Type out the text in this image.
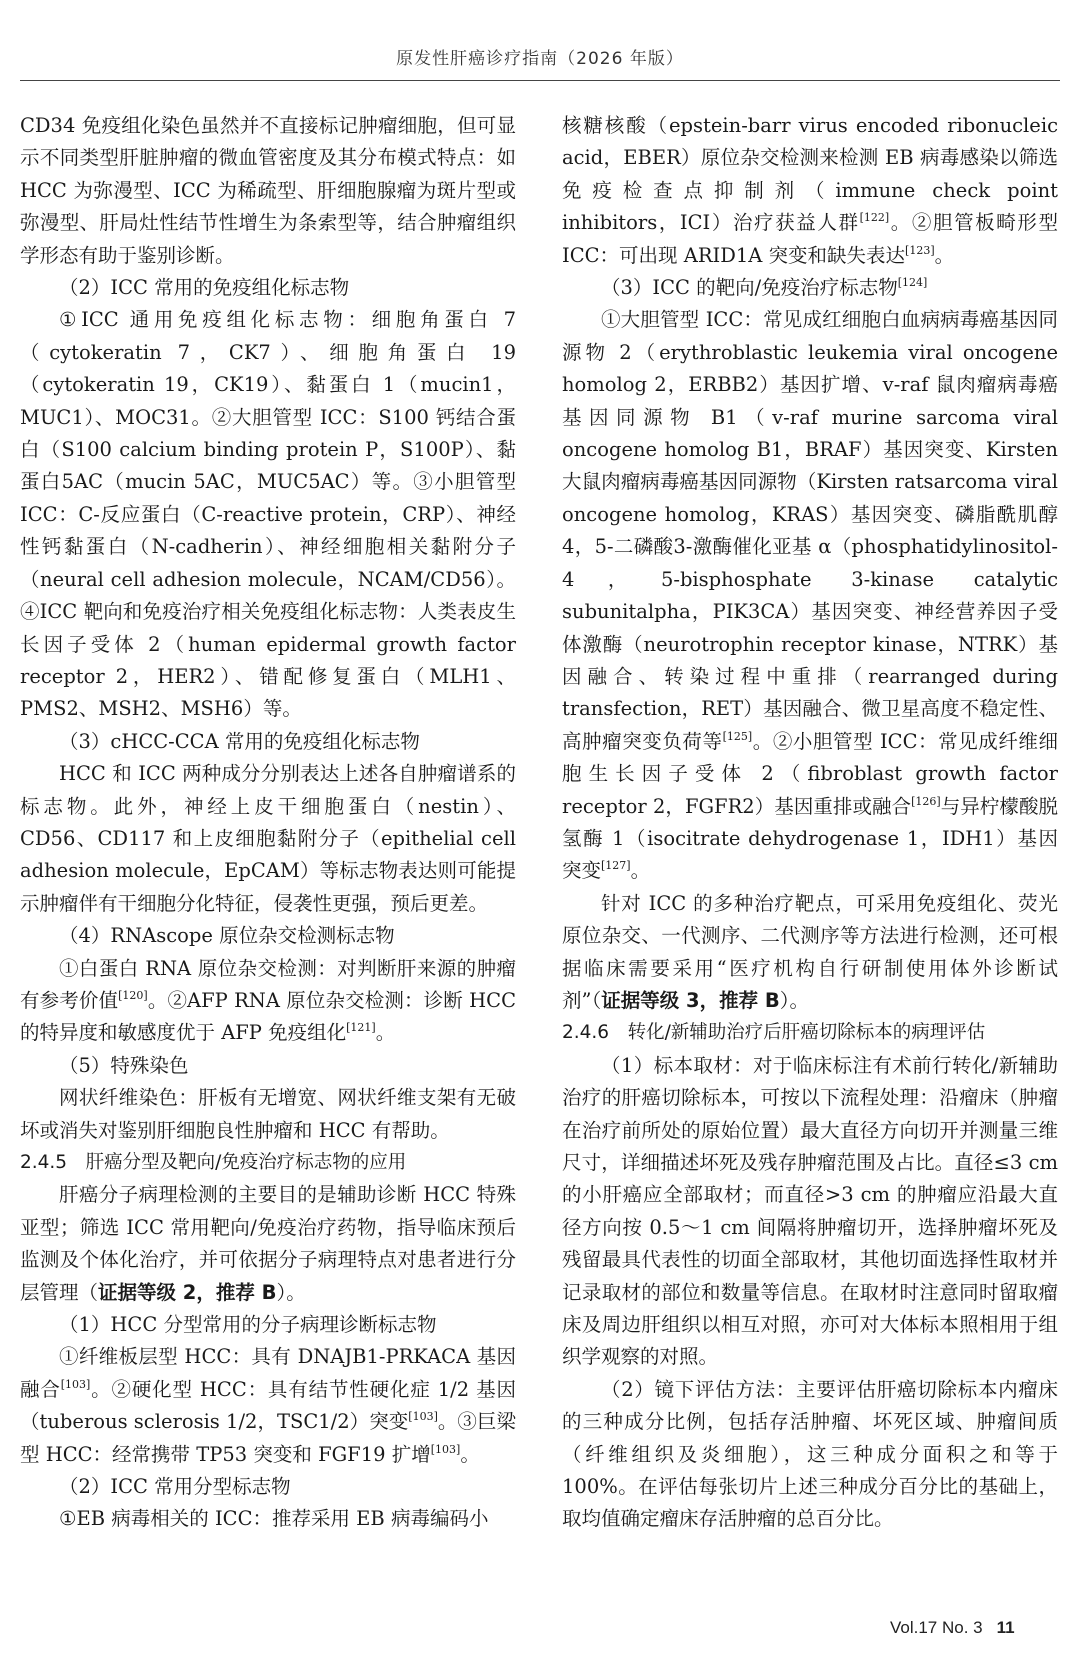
原发性肝癌诊疗指南（2026 年版）

CD34 免疫组化染色虽然并不直接标记肿瘤细胞，但可显示不同类型肝脏肿瘤的微血管密度及其分布模式特点：如 HCC 为弥漫型、ICC 为稀疏型、肝细胞腺瘤为斑片型或弥漫型、肝局灶性结节性增生为条索型等，结合肿瘤组织学形态有助于鉴别诊断。

（2）ICC 常用的免疫组化标志物

①ICC 通用免疫组化标志物：细胞角蛋白 7（cytokeratin 7，CK7）、细胞角蛋白 19（cytokeratin 19，CK19）、黏蛋白 1（mucin1，MUC1）、MOC31。②大胆管型 ICC：S100 钙结合蛋白（S100 calcium binding protein P，S100P）、黏蛋白5AC（mucin 5AC，MUC5AC）等。③小胆管型 ICC：C-反应蛋白（C-reactive protein，CRP）、神经性钙黏蛋白（N-cadherin）、神经细胞相关黏附分子（neural cell adhesion molecule，NCAM/CD56）。④ICC 靶向和免疫治疗相关免疫组化标志物：人类表皮生长因子受体 2（human epidermal growth factor receptor 2，HER2）、错配修复蛋白（MLH1、PMS2、MSH2、MSH6）等。

（3）cHCC-CCA 常用的免疫组化标志物

HCC 和 ICC 两种成分分别表达上述各自肿瘤谱系的标志物。此外，神经上皮干细胞蛋白（nestin）、CD56、CD117 和上皮细胞黏附分子（epithelial cell adhesion molecule，EpCAM）等标志物表达则可能提示肿瘤伴有干细胞分化特征，侵袭性更强，预后更差。

（4）RNAscope 原位杂交检测标志物

①白蛋白 RNA 原位杂交检测：对判断肝来源的肿瘤有参考价值[120]。②AFP RNA 原位杂交检测：诊断 HCC 的特异度和敏感度优于 AFP 免疫组化[121]。

（5）特殊染色

网状纤维染色：肝板有无增宽、网状纤维支架有无破坏或消失对鉴别肝细胞良性肿瘤和 HCC 有帮助。

2.4.5　肝癌分型及靶向/免疫治疗标志物的应用

肝癌分子病理检测的主要目的是辅助诊断 HCC 特殊亚型；筛选 ICC 常用靶向/免疫治疗药物，指导临床预后监测及个体化治疗，并可依据分子病理特点对患者进行分层管理（证据等级 2，推荐 B）。

（1）HCC 分型常用的分子病理诊断标志物

①纤维板层型 HCC：具有 DNAJB1-PRKACA 基因融合[103]。②硬化型 HCC：具有结节性硬化症 1/2 基因（tuberous sclerosis 1/2，TSC1/2）突变[103]。③巨梁型 HCC：经常携带 TP53 突变和 FGF19 扩增[103]。

（2）ICC 常用分型标志物

①EB 病毒相关的 ICC：推荐采用 EB 病毒编码小

核糖核酸（epstein-barr virus encoded ribonucleic acid，EBER）原位杂交检测来检测 EB 病毒感染以筛选免疫检查点抑制剂（immune check point inhibitors，ICI）治疗获益人群[122]。②胆管板畸形型 ICC：可出现 ARID1A 突变和缺失表达[123]。

（3）ICC 的靶向/免疫治疗标志物[124]

①大胆管型 ICC：常见成红细胞白血病病毒癌基因同源物 2（erythroblastic leukemia viral oncogene homolog 2，ERBB2）基因扩增、v-raf 鼠肉瘤病毒癌基因同源物 B1（v-raf murine sarcoma viral oncogene homolog B1，BRAF）基因突变、Kirsten 大鼠肉瘤病毒癌基因同源物（Kirsten ratsarcoma viral oncogene homolog，KRAS）基因突变、磷脂酰肌醇4，5-二磷酸3-激酶催化亚基 α（phosphatidylinositol-4，5-bisphosphate 3-kinase catalytic subunitalpha，PIK3CA）基因突变、神经营养因子受体激酶（neurotrophin receptor kinase，NTRK）基因融合、转染过程中重排（rearranged during transfection，RET）基因融合、微卫星高度不稳定性、高肿瘤突变负荷等[125]。②小胆管型 ICC：常见成纤维细胞生长因子受体 2（fibroblast growth factor receptor 2，FGFR2）基因重排或融合[126]与异柠檬酸脱氢酶 1（isocitrate dehydrogenase 1，IDH1）基因突变[127]。

针对 ICC 的多种治疗靶点，可采用免疫组化、荧光原位杂交、一代测序、二代测序等方法进行检测，还可根据临床需要采用“医疗机构自行研制使用体外诊断试剂”（证据等级 3，推荐 B）。

2.4.6　转化/新辅助治疗后肝癌切除标本的病理评估

（1）标本取材：对于临床标注有术前行转化/新辅助治疗的肝癌切除标本，可按以下流程处理：沿瘤床（肿瘤在治疗前所处的原始位置）最大直径方向切开并测量三维尺寸，详细描述坏死及残存肿瘤范围及占比。直径≤3 cm 的小肝癌应全部取材；而直径>3 cm 的肿瘤应沿最大直径方向按 0.5～1 cm 间隔将肿瘤切开，选择肿瘤坏死及残留最具代表性的切面全部取材，其他切面选择性取材并记录取材的部位和数量等信息。在取材时注意同时留取瘤床及周边肝组织以相互对照，亦可对大体标本照相用于组织学观察的对照。

（2）镜下评估方法：主要评估肝癌切除标本内瘤床的三种成分比例，包括存活肿瘤、坏死区域、肿瘤间质（纤维组织及炎细胞），这三种成分面积之和等于 100%。在评估每张切片上述三种成分百分比的基础上，取均值确定瘤床存活肿瘤的总百分比。

Vol.17 No. 3 11
